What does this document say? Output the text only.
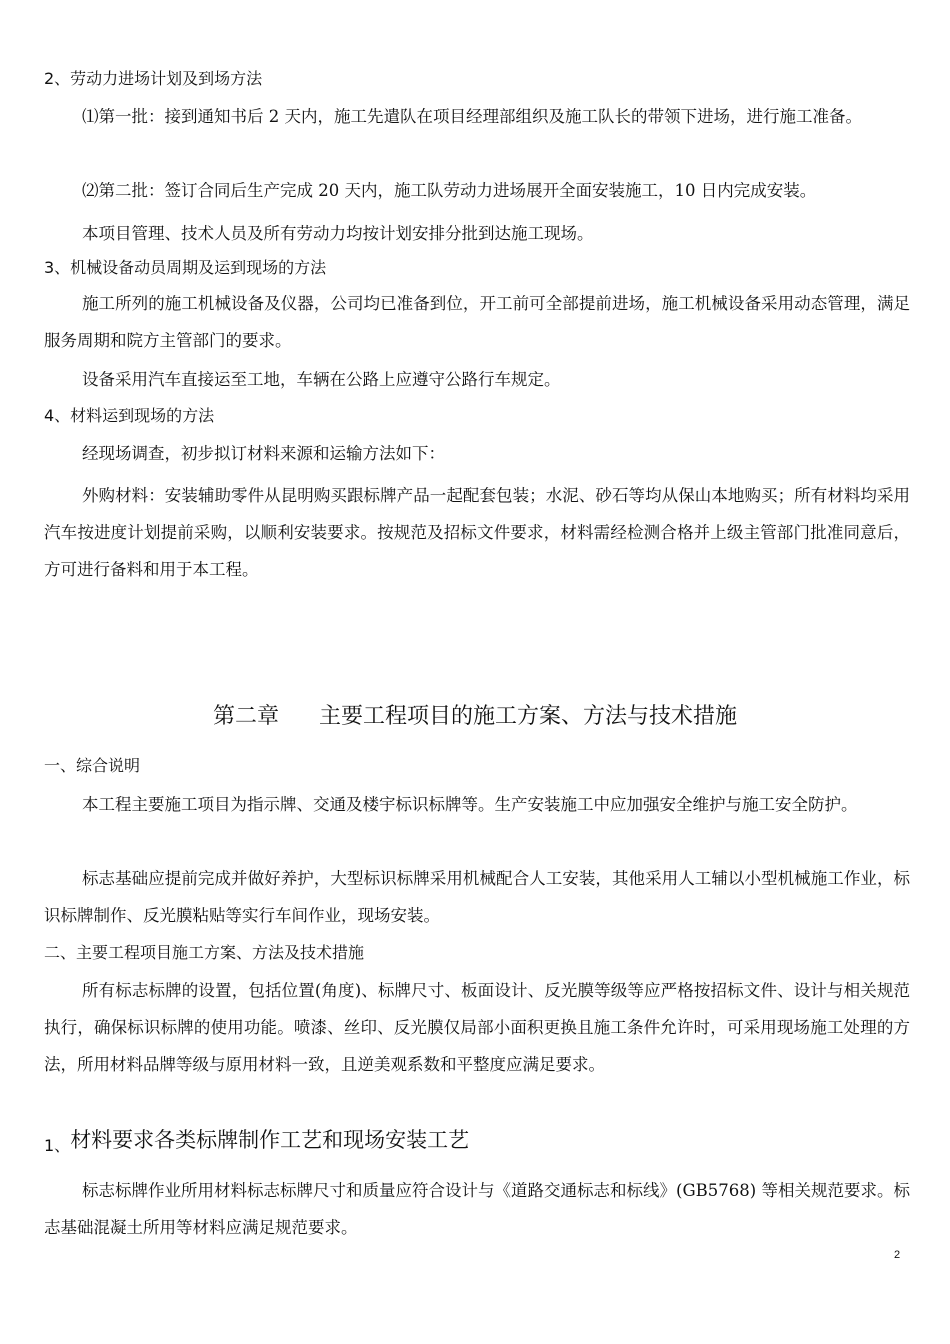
2、劳动力进场计划及到场方法
⑴第一批：接到通知书后 2 天内，施工先遣队在项目经理部组织及施工队长的带领下进场，进行施工准备。
⑵第二批：签订合同后生产完成 20 天内，施工队劳动力进场展开全面安装施工，10 日内完成安装。
本项目管理、技术人员及所有劳动力均按计划安排分批到达施工现场。
3、机械设备动员周期及运到现场的方法
施工所列的施工机械设备及仪器，公司均已准备到位，开工前可全部提前进场，施工机械设备采用动态管理，满足服务周期和院方主管部门的要求。
设备采用汽车直接运至工地，车辆在公路上应遵守公路行车规定。
4、材料运到现场的方法
经现场调查，初步拟订材料来源和运输方法如下：
外购材料：安装辅助零件从昆明购买跟标牌产品一起配套包装；水泥、砂石等均从保山本地购买；所有材料均采用汽车按进度计划提前采购，以顺利安装要求。按规范及招标文件要求，材料需经检测合格并上级主管部门批准同意后，方可进行备料和用于本工程。
第二章 主要工程项目的施工方案、方法与技术措施
一、综合说明
本工程主要施工项目为指示牌、交通及楼宇标识标牌等。生产安装施工中应加强安全维护与施工安全防护。
标志基础应提前完成并做好养护，大型标识标牌采用机械配合人工安装，其他采用人工辅以小型机械施工作业，标识标牌制作、反光膜粘贴等实行车间作业，现场安装。
二、主要工程项目施工方案、方法及技术措施
所有标志标牌的设置，包括位置(角度)、标牌尺寸、板面设计、反光膜等级等应严格按招标文件、设计与相关规范执行，确保标识标牌的使用功能。喷漆、丝印、反光膜仅局部小面积更换且施工条件允许时，可采用现场施工处理的方法，所用材料品牌等级与原用材料一致，且逆美观系数和平整度应满足要求。
1、材料要求各类标牌制作工艺和现场安装工艺
标志标牌作业所用材料标志标牌尺寸和质量应符合设计与《道路交通标志和标线》(GB5768) 等相关规范要求。标志基础混凝土所用等材料应满足规范要求。
2
